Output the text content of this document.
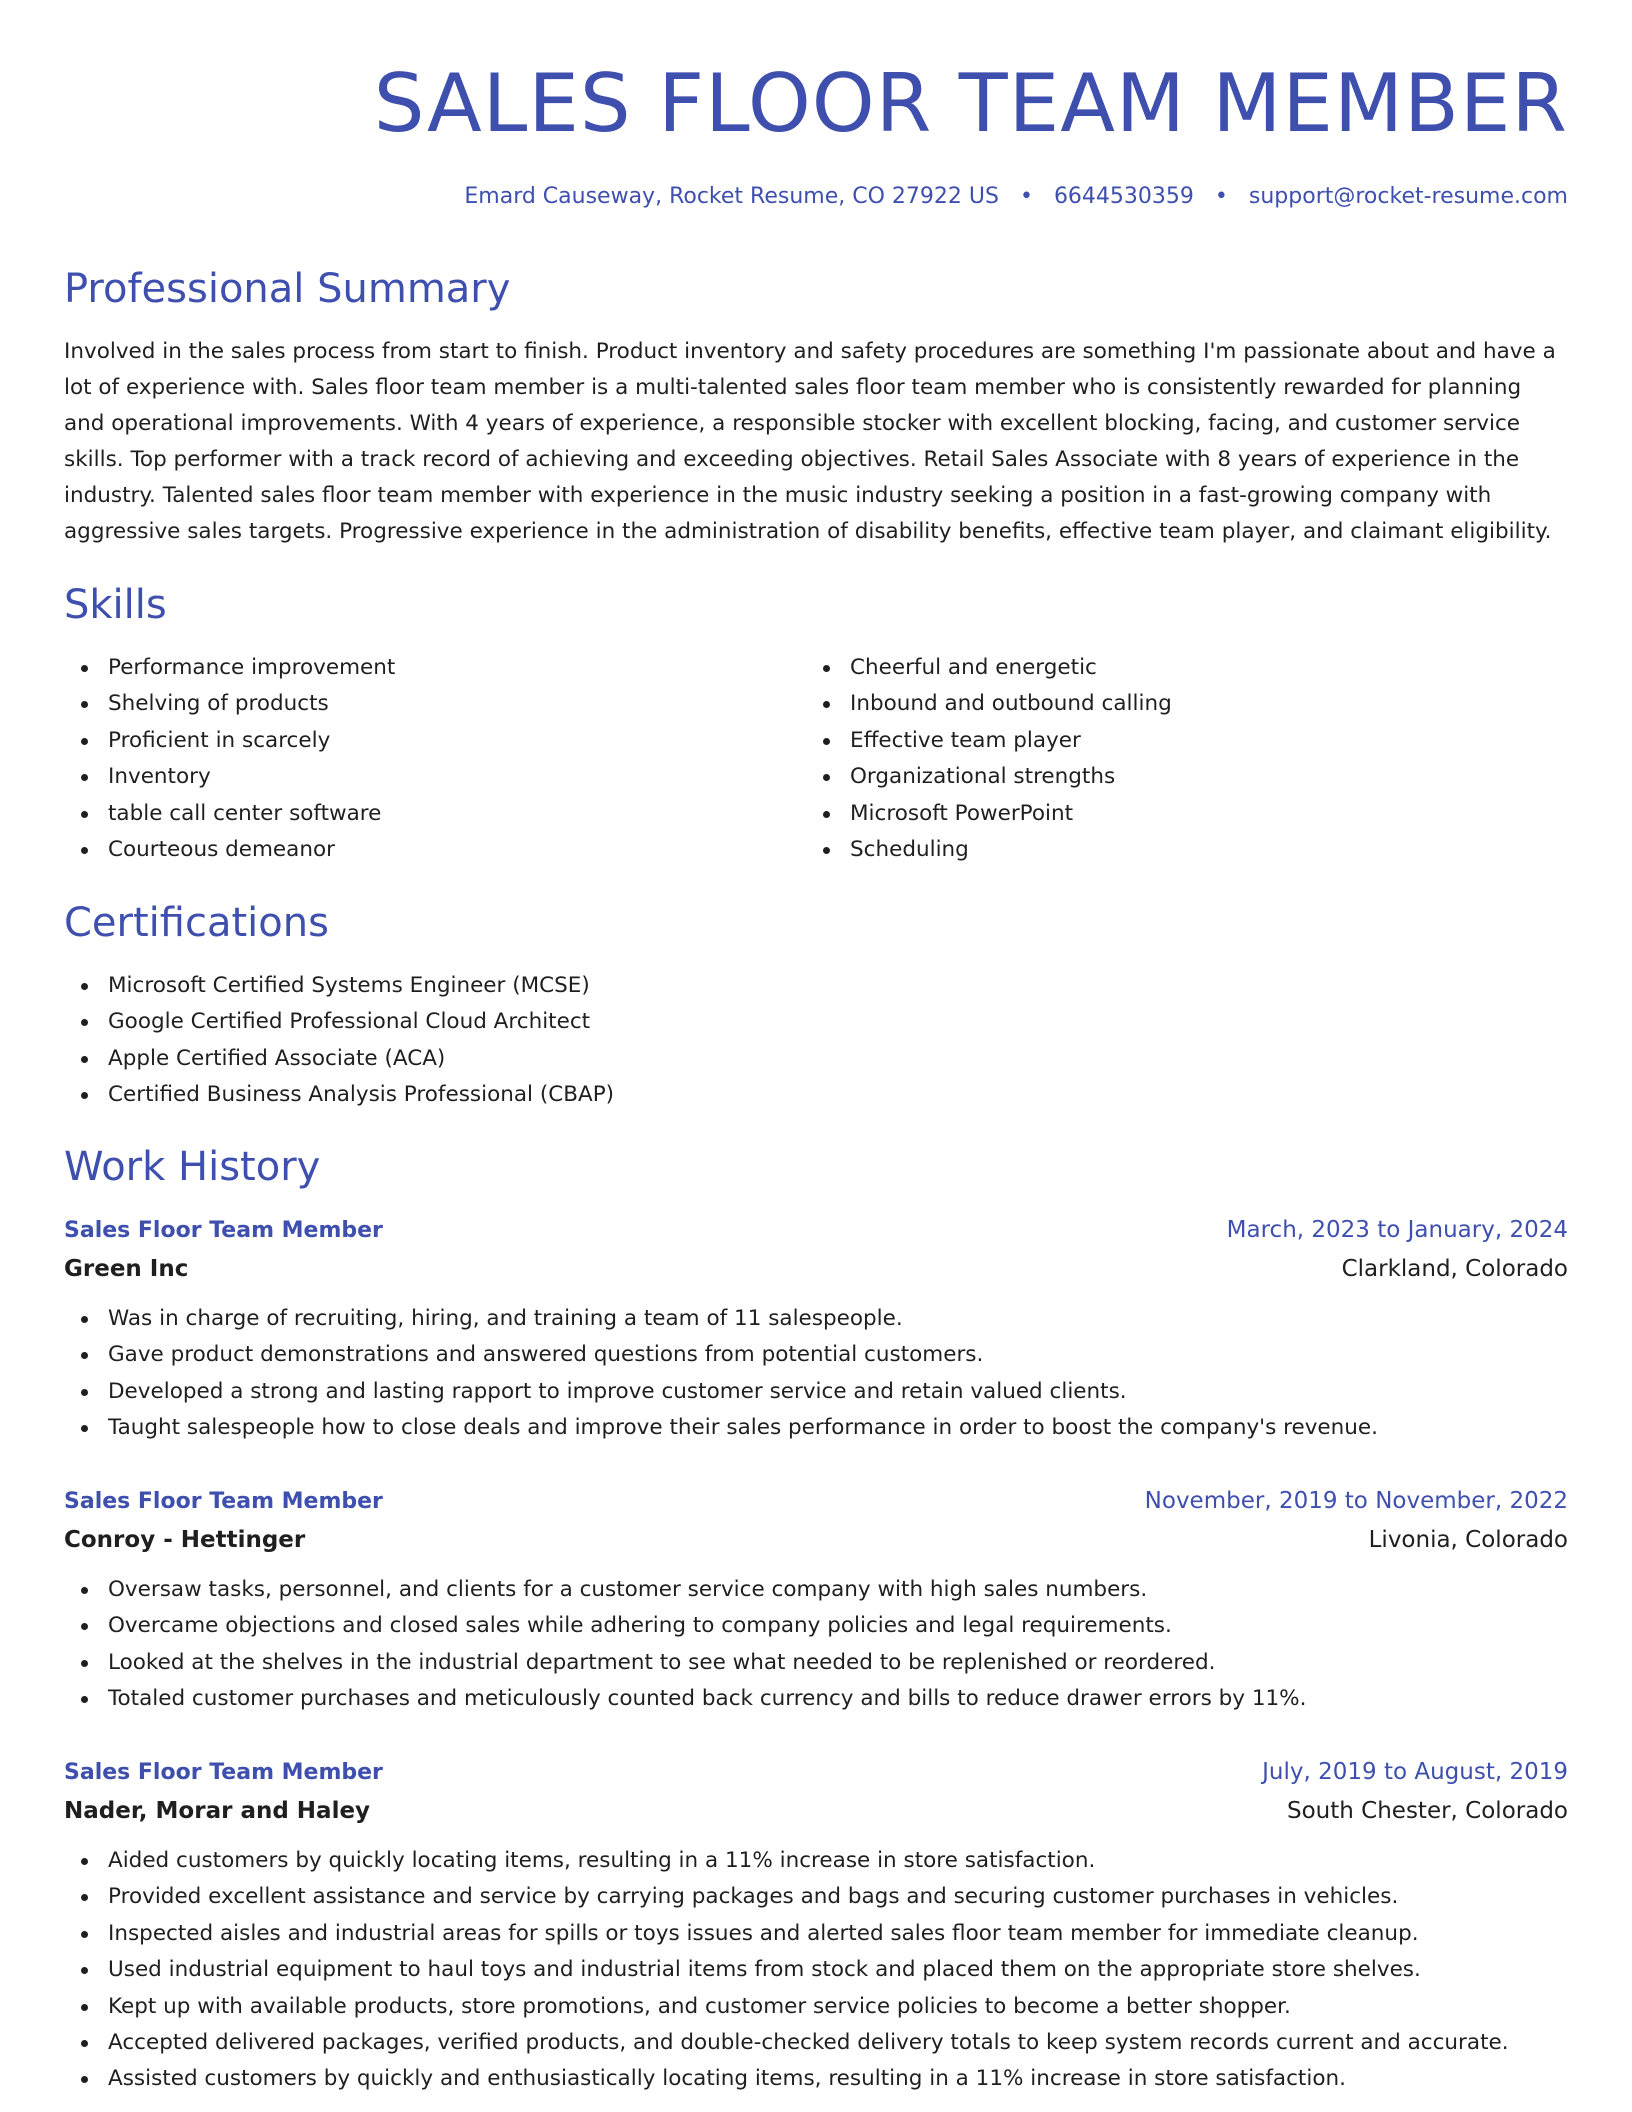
SALES FLOOR TEAM MEMBER
Emard Causeway, Rocket Resume, CO 27922 US • 6644530359 • support@rocket-resume.com
Professional Summary

Involved in the sales process from start to finish. Product inventory and safety procedures are something I'm passionate about and have a lot of experience with. Sales floor team member is a multi-talented sales floor team member who is consistently rewarded for planning and operational improvements. With 4 years of experience, a responsible stocker with excellent blocking, facing, and customer service skills. Top performer with a track record of achieving and exceeding objectives. Retail Sales Associate with 8 years of experience in the industry. Talented sales floor team member with experience in the music industry seeking a position in a fast-growing company with aggressive sales targets. Progressive experience in the administration of disability benefits, effective team player, and claimant eligibility.

Skills
Performance improvement
Shelving of products
Proficient in scarcely
Inventory
table call center software
Courteous demeanor
Cheerful and energetic
Inbound and outbound calling
Effective team player
Organizational strengths
Microsoft PowerPoint
Scheduling
Certifications
Microsoft Certified Systems Engineer (MCSE)
Google Certified Professional Cloud Architect
Apple Certified Associate (ACA)
Certified Business Analysis Professional (CBAP)
Work History
Sales Floor Team Member	March, 2023 to January, 2024
Green Inc	Clarkland, Colorado
Was in charge of recruiting, hiring, and training a team of 11 salespeople.
Gave product demonstrations and answered questions from potential customers.
Developed a strong and lasting rapport to improve customer service and retain valued clients.
Taught salespeople how to close deals and improve their sales performance in order to boost the company's revenue.
Sales Floor Team Member	November, 2019 to November, 2022
Conroy - Hettinger	Livonia, Colorado
Oversaw tasks, personnel, and clients for a customer service company with high sales numbers.
Overcame objections and closed sales while adhering to company policies and legal requirements.
Looked at the shelves in the industrial department to see what needed to be replenished or reordered.
Totaled customer purchases and meticulously counted back currency and bills to reduce drawer errors by 11%.
Sales Floor Team Member	July, 2019 to August, 2019
Nader, Morar and Haley	South Chester, Colorado
Aided customers by quickly locating items, resulting in a 11% increase in store satisfaction.
Provided excellent assistance and service by carrying packages and bags and securing customer purchases in vehicles.
Inspected aisles and industrial areas for spills or toys issues and alerted sales floor team member for immediate cleanup.
Used industrial equipment to haul toys and industrial items from stock and placed them on the appropriate store shelves.
Kept up with available products, store promotions, and customer service policies to become a better shopper.
Accepted delivered packages, verified products, and double-checked delivery totals to keep system records current and accurate.
Assisted customers by quickly and enthusiastically locating items, resulting in a 11% increase in store satisfaction.
